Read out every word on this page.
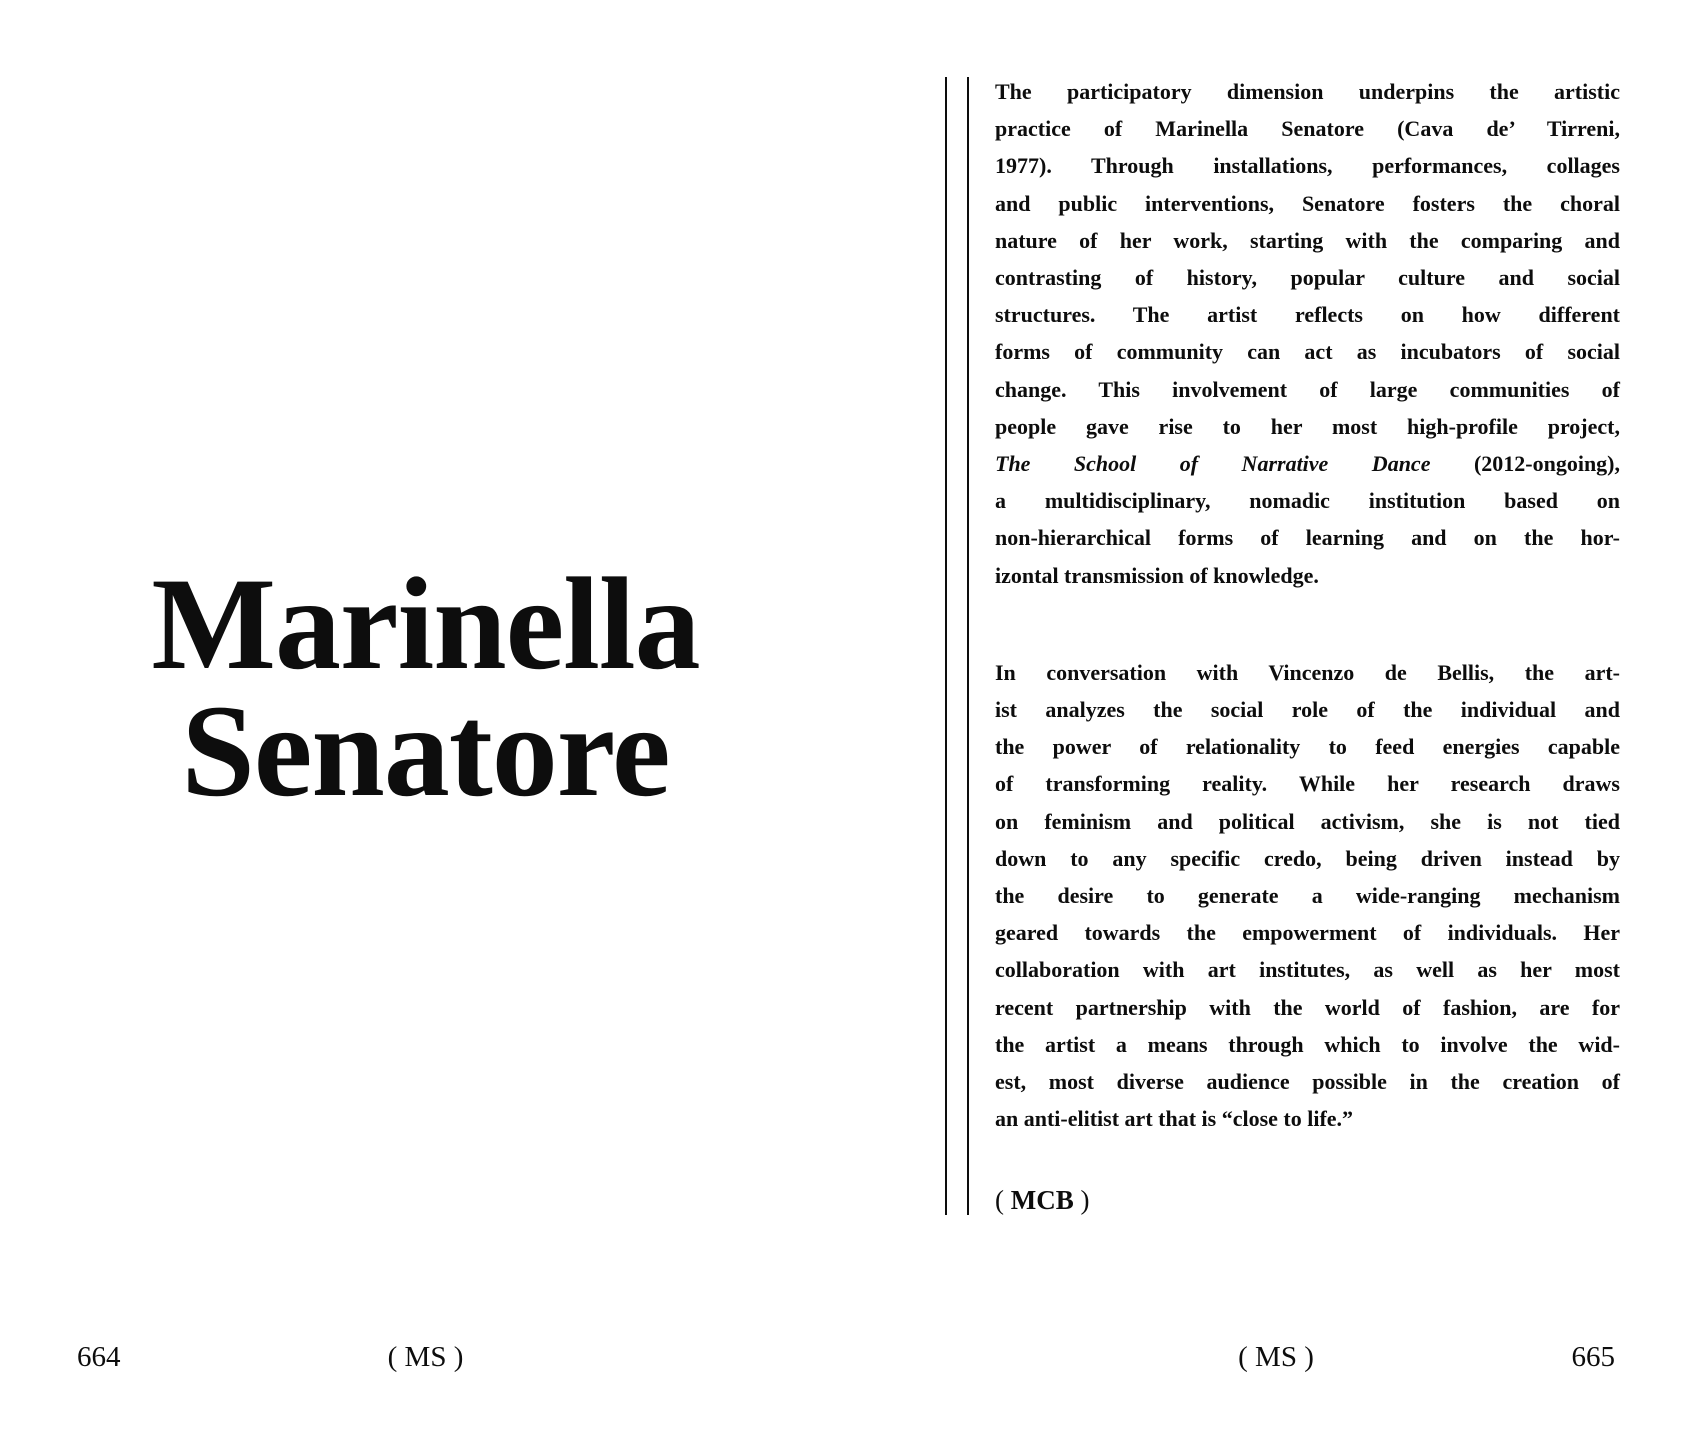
Marinella
Senatore
664	( MS )
The participatory dimension underpins the artistic
practice of Marinella Senatore (Cava de’ Tirreni,
1977). Through installations, performances, collages
and public interventions, Senatore fosters the choral
nature of her work, starting with the comparing and
contrasting of history, popular culture and social
structures. The artist reflects on how different
forms of community can act as incubators of social
change. This involvement of large communities of
people gave rise to her most high-profile project,
The School of Narrative Dance (2012-ongoing),
a multidisciplinary, nomadic institution based on
non-hierarchical forms of learning and on the hor-
izontal transmission of knowledge.
In conversation with Vincenzo de Bellis, the art-
ist analyzes the social role of the individual and
the power of relationality to feed energies capable
of transforming reality. While her research draws
on feminism and political activism, she is not tied
down to any specific credo, being driven instead by
the desire to generate a wide-ranging mechanism
geared towards the empowerment of individuals. Her
collaboration with art institutes, as well as her most
recent partnership with the world of fashion, are for
the artist a means through which to involve the wid-
est, most diverse audience possible in the creation of
an anti-elitist art that is “close to life.”
( MCB )
( MS )	665
